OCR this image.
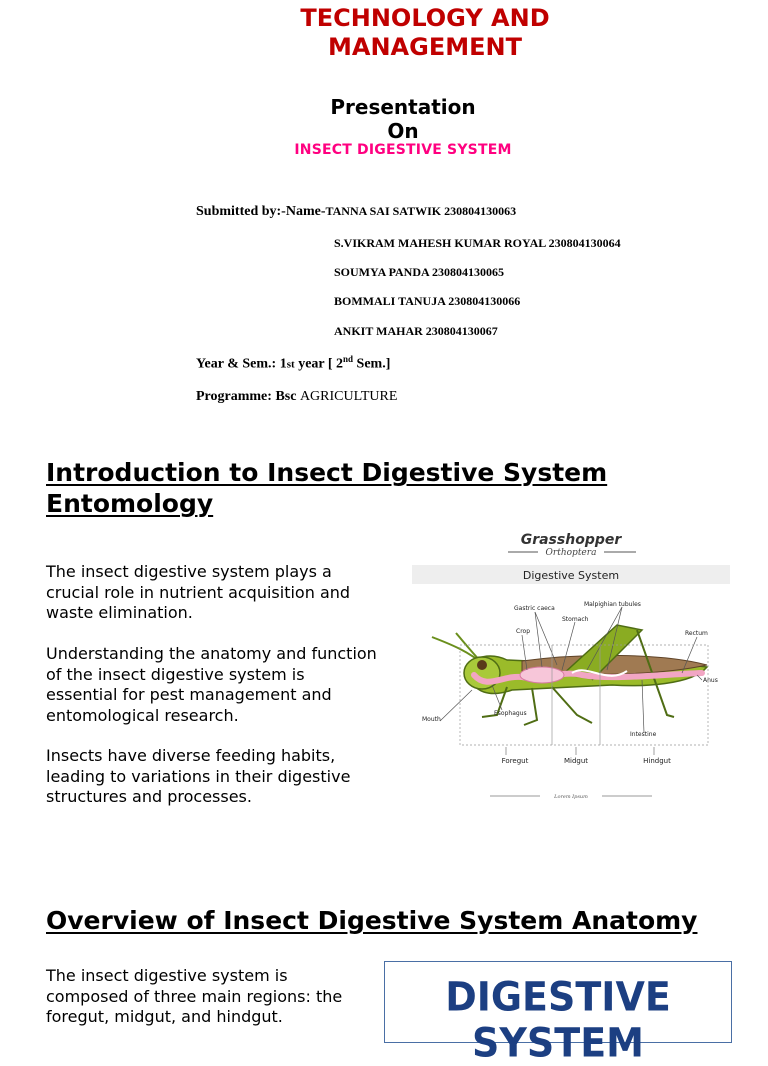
TECHNOLOGY AND
MANAGEMENT
Presentation
On
INSECT DIGESTIVE SYSTEM
Submitted by:-Name-TANNA SAI SATWIK 230804130063
S.VIKRAM MAHESH KUMAR ROYAL 230804130064
SOUMYA PANDA 230804130065
BOMMALI TANUJA 230804130066
ANKIT MAHAR 230804130067
Year & Sem.: 1st year [ 2nd Sem.]
Programme: Bsc AGRICULTURE
Introduction to Insect Digestive System
Entomology
The insect digestive system plays a crucial role in nutrient acquisition and waste elimination.
Understanding the anatomy and function of the insect digestive system is essential for pest management and entomological research.
Insects have diverse feeding habits, leading to variations in their digestive structures and processes.
Grasshopper
Orthoptera
Digestive System
Gastric caeca
Malpighian tubules
Stomach
Crop	Rectum
Anus
Mouth
Esophagus
Intestine
Foregut	Midgut	Hindgut
Lorem Ipsum
Overview of Insect Digestive System Anatomy
The insect digestive system is composed of three main regions: the foregut, midgut, and hindgut.	DIGESTIVE SYSTEM
